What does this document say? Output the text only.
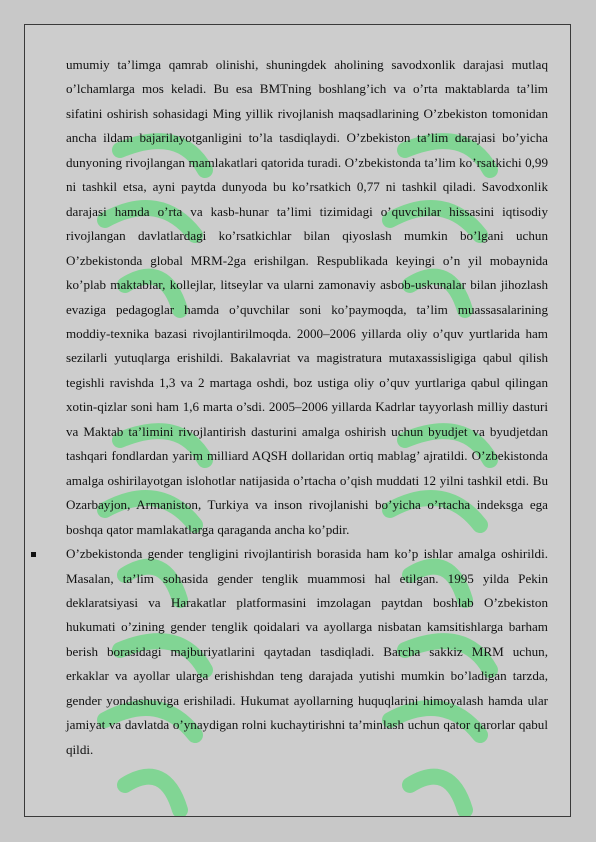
umumiy ta’limga qamrab olinishi, shuningdek aholining savodxonlik darajasi mutlaq o’lchamlarga mos keladi. Bu esa BMTning boshlang’ich va o’rta maktablarda ta’lim sifatini oshirish sohasidagi Ming yillik rivojlanish maqsadlarining O’zbekiston tomonidan ancha ildam bajarilayotganligini to’la tasdiqlaydi. O’zbekiston ta’lim darajasi bo’yicha dunyoning rivojlangan mamlakatlari qatorida turadi. O’zbekistonda ta’lim ko’rsatkichi 0,99 ni tashkil etsa, ayni paytda dunyoda bu ko’rsatkich 0,77 ni tashkil qiladi. Savodxonlik darajasi hamda o’rta va kasb-hunar ta’limi tizimidagi o’quvchilar hissasini iqtisodiy rivojlangan davlatlardagi ko’rsatkichlar bilan qiyoslash mumkin bo’lgani uchun O’zbekistonda global MRM-2ga erishilgan. Respublikada keyingi o’n yil mobaynida ko’plab maktablar, kollejlar, litseylar va ularni zamonaviy asbob-uskunalar bilan jihozlash evaziga pedagoglar hamda o’quvchilar soni ko’paymoqda, ta’lim muassasalarining moddiy-texnika bazasi rivojlantirilmoqda. 2000–2006 yillarda oliy o’quv yurtlarida ham sezilarli yutuqlarga erishildi. Bakalavriat va magistratura mutaxassisligiga qabul qilish tegishli ravishda 1,3 va 2 martaga oshdi, boz ustiga oliy o’quv yurtlariga qabul qilingan xotin-qizlar soni ham 1,6 marta o’sdi. 2005–2006 yillarda Kadrlar tayyorlash milliy dasturi va Maktab ta’limini rivojlantirish dasturini amalga oshirish uchun byudjet va byudjetdan tashqari fondlardan yarim milliard AQSH dollaridan ortiq mablag’ ajratildi. O’zbekistonda amalga oshirilayotgan islohotlar natijasida o’rtacha o’qish muddati 12 yilni tashkil etdi. Bu Ozarbayjon, Armaniston, Turkiya va inson rivojlanishi bo’yicha o’rtacha indeksga ega boshqa qator mamlakatlarga qaraganda ancha ko’pdir.

O’zbekistonda gender tengligini rivojlantirish borasida ham ko’p ishlar amalga oshirildi. Masalan, ta’lim sohasida gender tenglik muammosi hal etilgan. 1995 yilda Pekin deklaratsiyasi va Harakatlar platformasini imzolagan paytdan boshlab O’zbekiston hukumati o’zining gender tenglik qoidalari va ayollarga nisbatan kamsitishlarga barham berish borasidagi majburiyatlarini qaytadan tasdiqladi. Barcha sakkiz MRM uchun, erkaklar va ayollar ularga erishishdan teng darajada yutishi mumkin bo’ladigan tarzda, gender yondashuviga erishiladi. Hukumat ayollarning huquqlarini himoyalash hamda ular jamiyat va davlatda o’ynaydigan rolni kuchaytirishni ta’minlash uchun qator qarorlar qabul qildi.
